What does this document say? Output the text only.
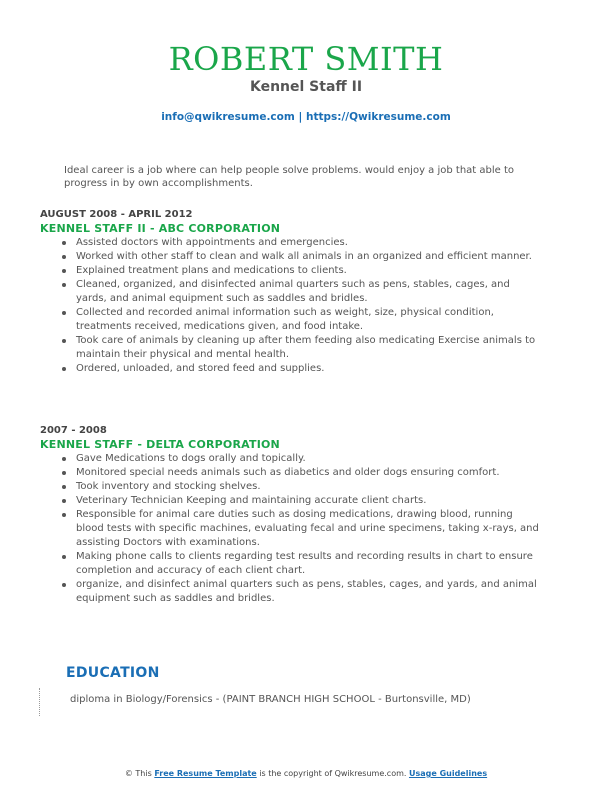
ROBERT SMITH
Kennel Staff II
info@qwikresume.com | https://Qwikresume.com
Ideal career is a job where can help people solve problems. would enjoy a job that able to progress in by own accomplishments.
AUGUST 2008 - APRIL 2012
KENNEL STAFF II - ABC CORPORATION
Assisted doctors with appointments and emergencies.
Worked with other staff to clean and walk all animals in an organized and efficient manner.
Explained treatment plans and medications to clients.
Cleaned, organized, and disinfected animal quarters such as pens, stables, cages, and yards, and animal equipment such as saddles and bridles.
Collected and recorded animal information such as weight, size, physical condition, treatments received, medications given, and food intake.
Took care of animals by cleaning up after them feeding also medicating Exercise animals to maintain their physical and mental health.
Ordered, unloaded, and stored feed and supplies.
2007 - 2008
KENNEL STAFF - DELTA CORPORATION
Gave Medications to dogs orally and topically.
Monitored special needs animals such as diabetics and older dogs ensuring comfort.
Took inventory and stocking shelves.
Veterinary Technician Keeping and maintaining accurate client charts.
Responsible for animal care duties such as dosing medications, drawing blood, running blood tests with specific machines, evaluating fecal and urine specimens, taking x-rays, and assisting Doctors with examinations.
Making phone calls to clients regarding test results and recording results in chart to ensure completion and accuracy of each client chart.
organize, and disinfect animal quarters such as pens, stables, cages, and yards, and animal equipment such as saddles and bridles.
EDUCATION
diploma in Biology/Forensics - (PAINT BRANCH HIGH SCHOOL - Burtonsville, MD)
© This Free Resume Template is the copyright of Qwikresume.com. Usage Guidelines
